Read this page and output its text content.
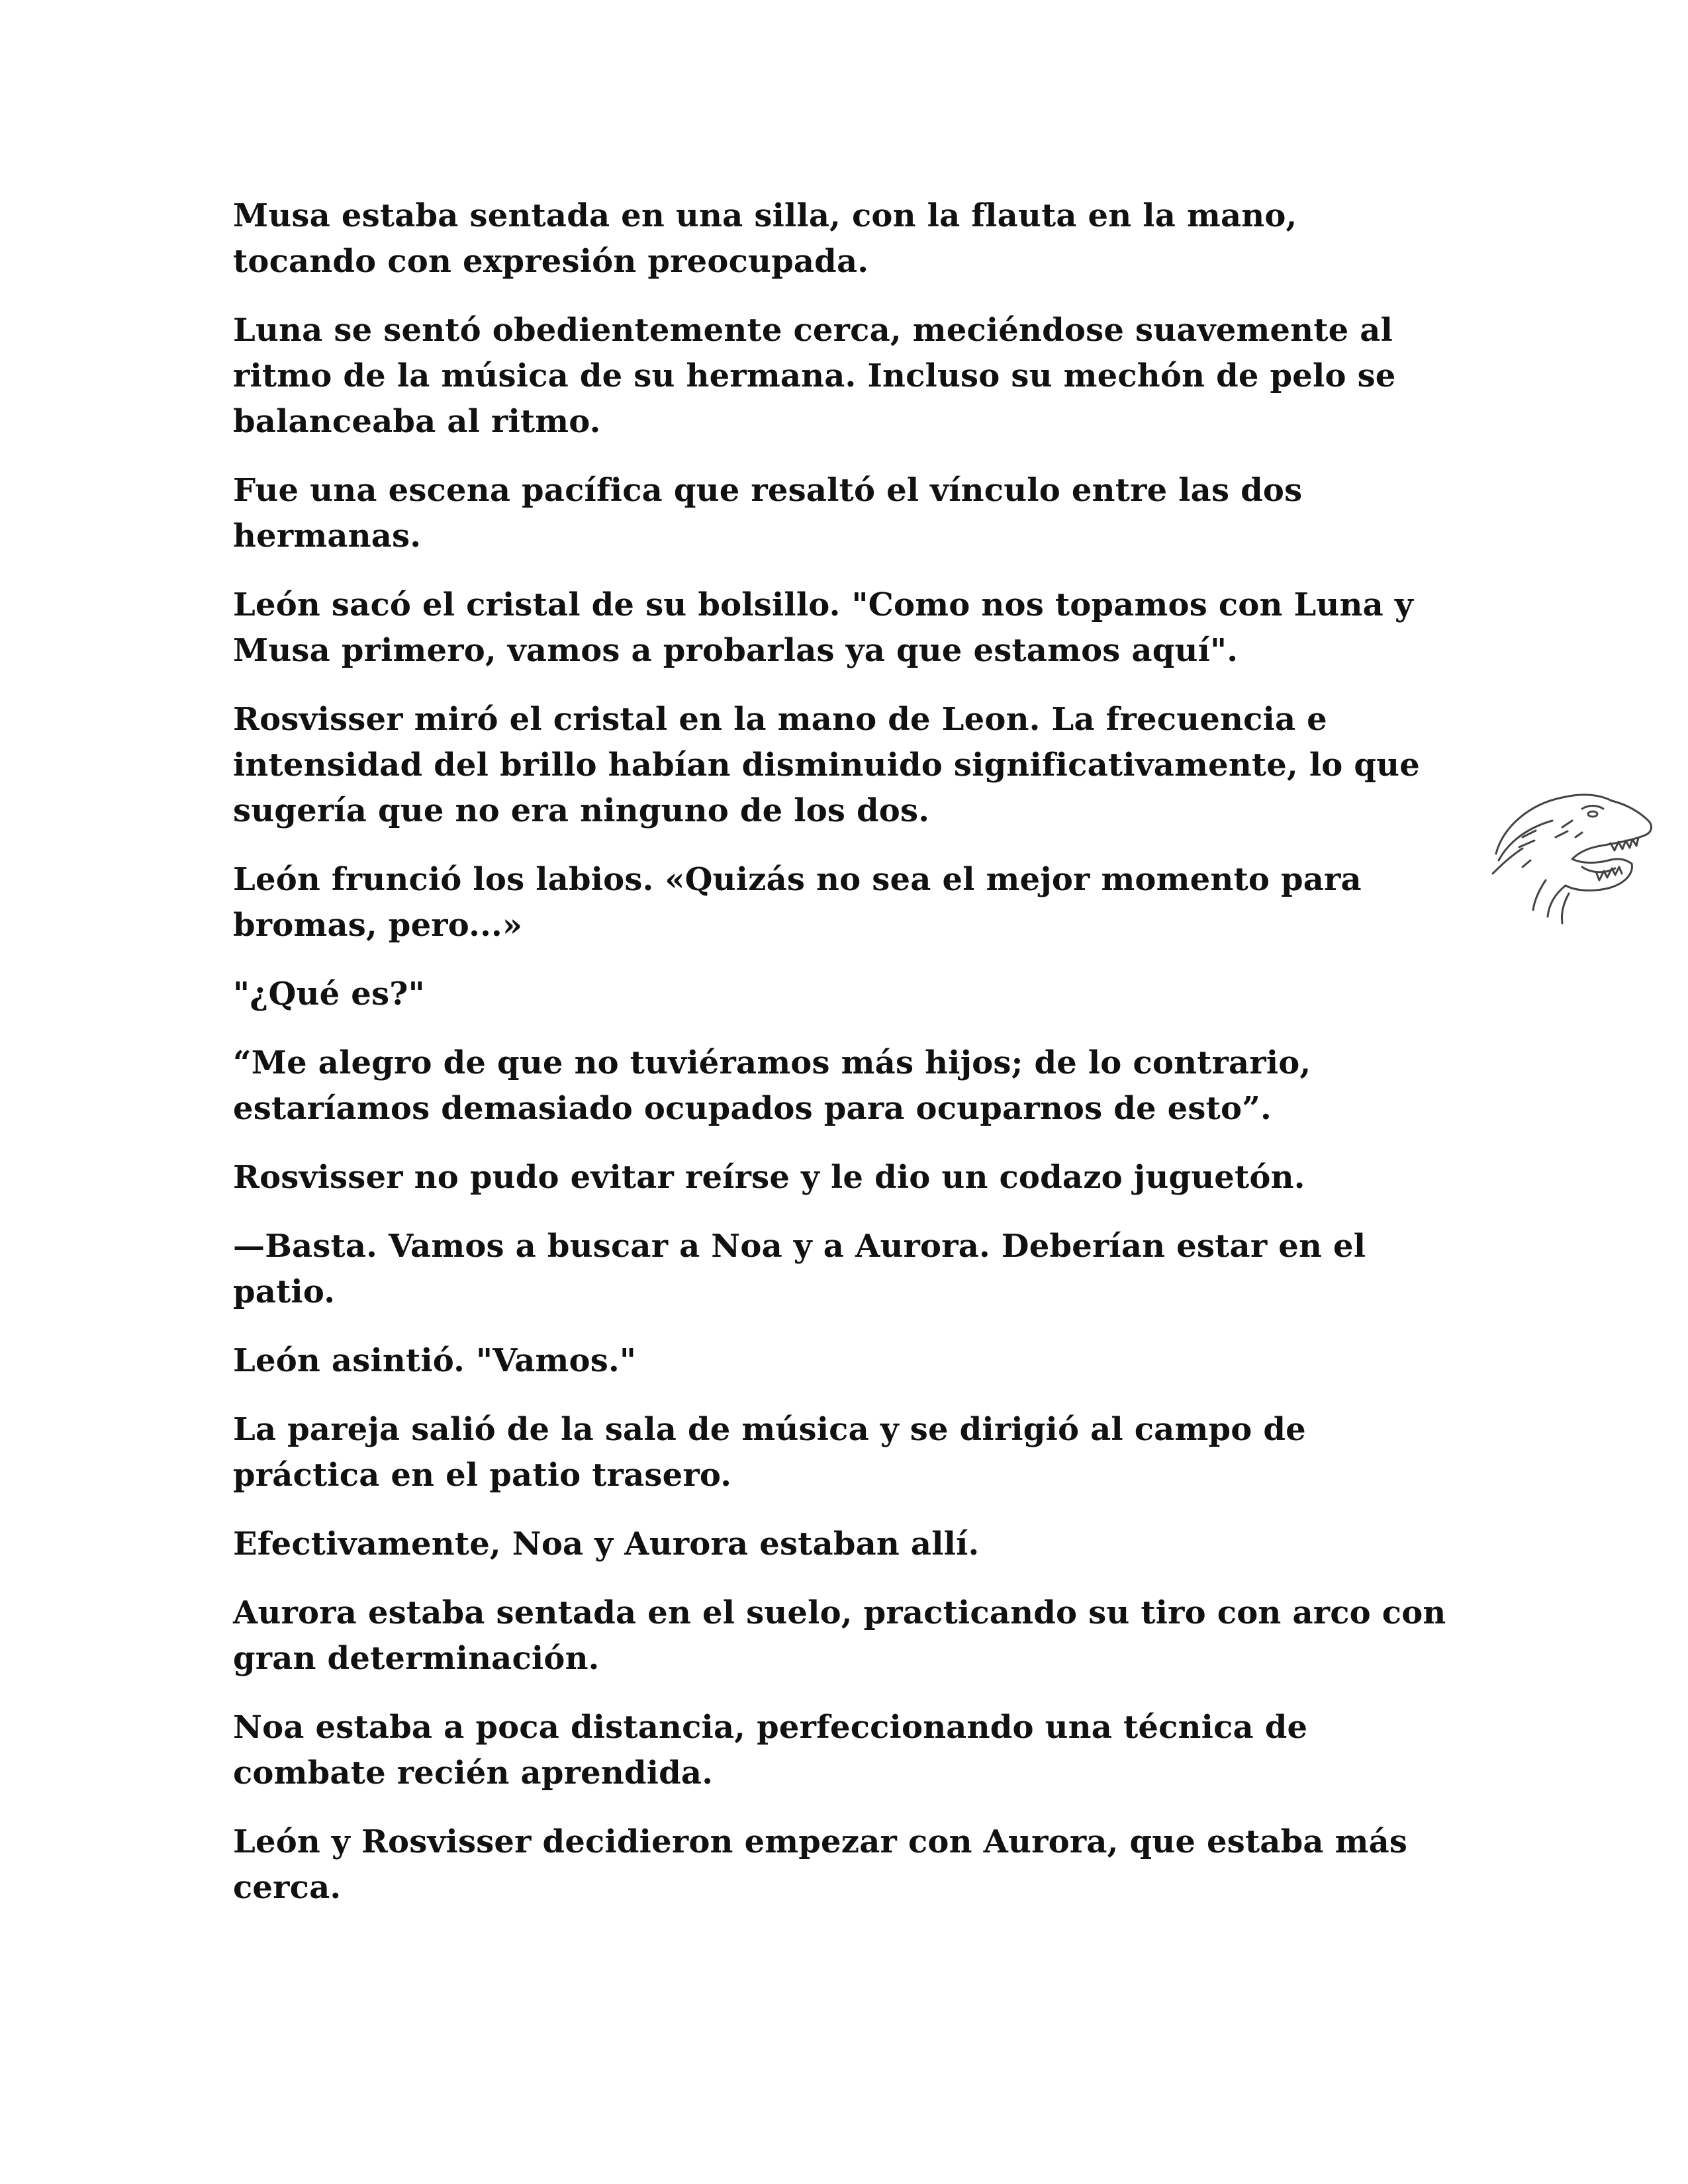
Musa estaba sentada en una silla, con la flauta en la mano, tocando con expresión preocupada.

Luna se sentó obedientemente cerca, meciéndose suavemente al ritmo de la música de su hermana. Incluso su mechón de pelo se balanceaba al ritmo.

Fue una escena pacífica que resaltó el vínculo entre las dos hermanas.

León sacó el cristal de su bolsillo. "Como nos topamos con Luna y Musa primero, vamos a probarlas ya que estamos aquí".

Rosvisser miró el cristal en la mano de Leon. La frecuencia e intensidad del brillo habían disminuido significativamente, lo que sugería que no era ninguno de los dos.

León frunció los labios. «Quizás no sea el mejor momento para bromas, pero...»

"¿Qué es?"

“Me alegro de que no tuviéramos más hijos; de lo contrario, estaríamos demasiado ocupados para ocuparnos de esto”.

Rosvisser no pudo evitar reírse y le dio un codazo juguetón.

—Basta. Vamos a buscar a Noa y a Aurora. Deberían estar en el patio.

León asintió. "Vamos."

La pareja salió de la sala de música y se dirigió al campo de práctica en el patio trasero.

Efectivamente, Noa y Aurora estaban allí.

Aurora estaba sentada en el suelo, practicando su tiro con arco con gran determinación.

Noa estaba a poca distancia, perfeccionando una técnica de combate recién aprendida.

León y Rosvisser decidieron empezar con Aurora, que estaba más cerca.
